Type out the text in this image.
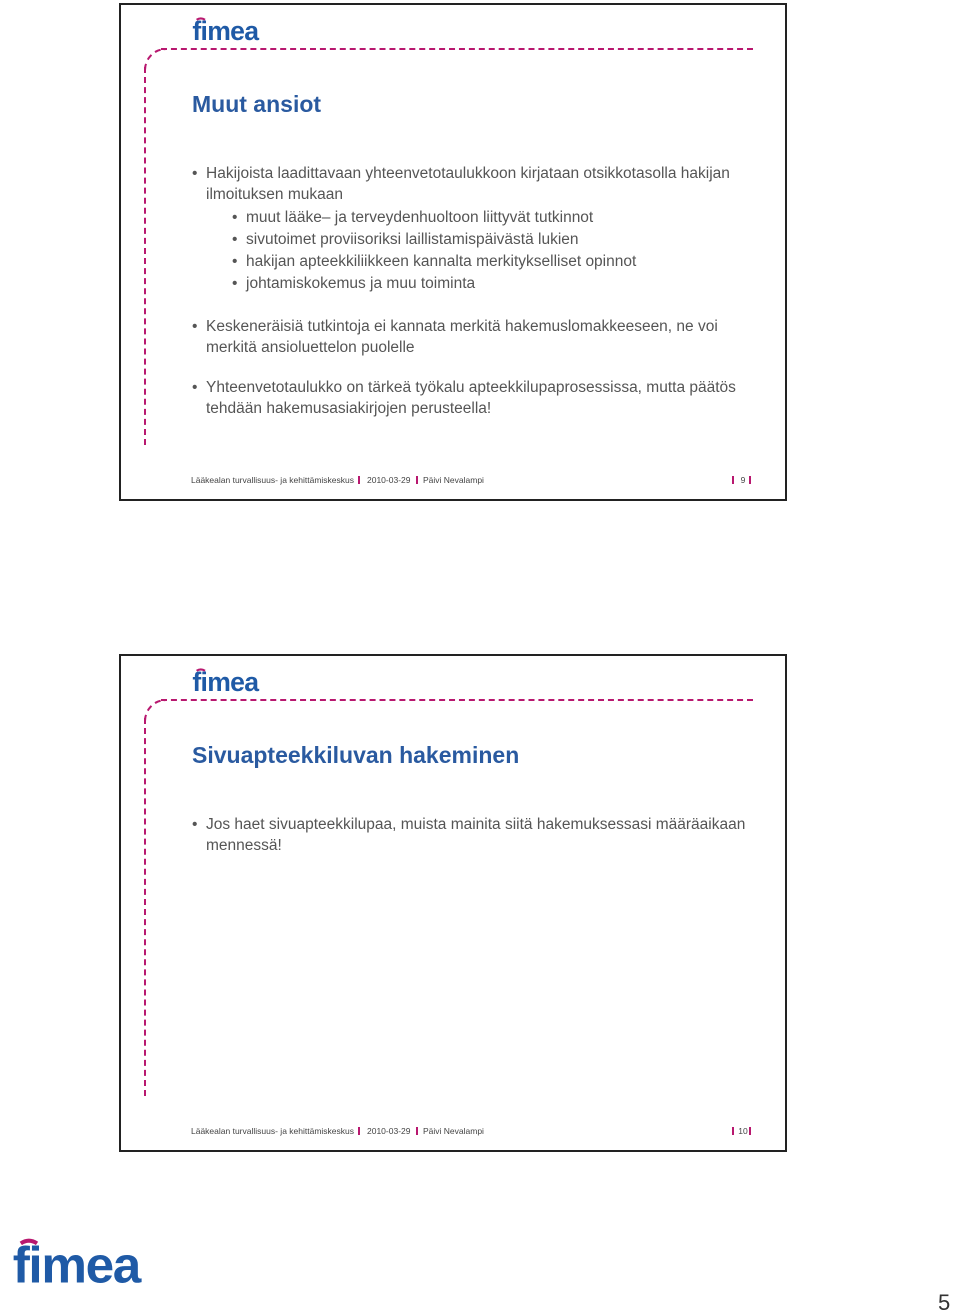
Muut ansiot
• Hakijoista laadittavaan yhteenvetotaulukkoon kirjataan otsikkotasolla hakijan ilmoituksen mukaan
• muut lääke– ja terveydenhuoltoon liittyvät tutkinnot
• sivutoimet proviisoriksi laillistamispäivästä lukien
• hakijan apteekkiliikkeen kannalta merkitykselliset opinnot
• johtamiskokemus ja muu toiminta
• Keskeneräisiä tutkintoja ei kannata merkitä hakemuslomakkeeseen, ne voi merkitä ansioluettelon puolelle
• Yhteenvetotaulukko on tärkeä työkalu apteekkilupaprosessissa, mutta päätös tehdään hakemusasiakirjojen perusteella!
Lääkealan turvallisuus- ja kehittämiskeskus 2010-03-29 Päivi Nevalampi	9
Sivuapteekkiluvan hakeminen
• Jos haet sivuapteekkilupaa, muista mainita siitä hakemuksessasi määräaikaan mennessä!
Lääkealan turvallisuus- ja kehittämiskeskus 2010-03-29 Päivi Nevalampi	10
5
